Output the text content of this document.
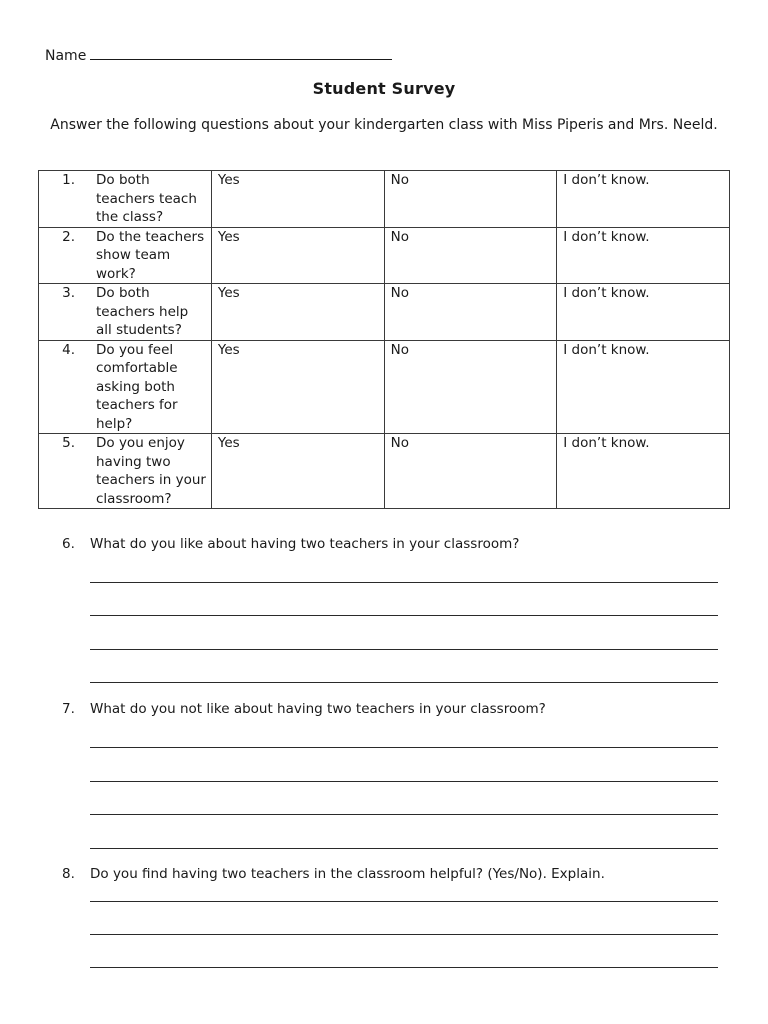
Name
Student Survey
Answer the following questions about your kindergarten class with Miss Piperis and Mrs. Neeld.
1. Do both teachers teach the class?	Yes	No	I don’t know.

2. Do the teachers show team work?	Yes	No	I don’t know.

3. Do both teachers help all students?	Yes	No	I don’t know.

4. Do you feel comfortable asking both teachers for help?	Yes	No	I don’t know.

5. Do you enjoy having two teachers in your classroom?	Yes	No	I don’t know.
6. What do you like about having two teachers in your classroom?
7. What do you not like about having two teachers in your classroom?
8. Do you find having two teachers in the classroom helpful? (Yes/No). Explain.
